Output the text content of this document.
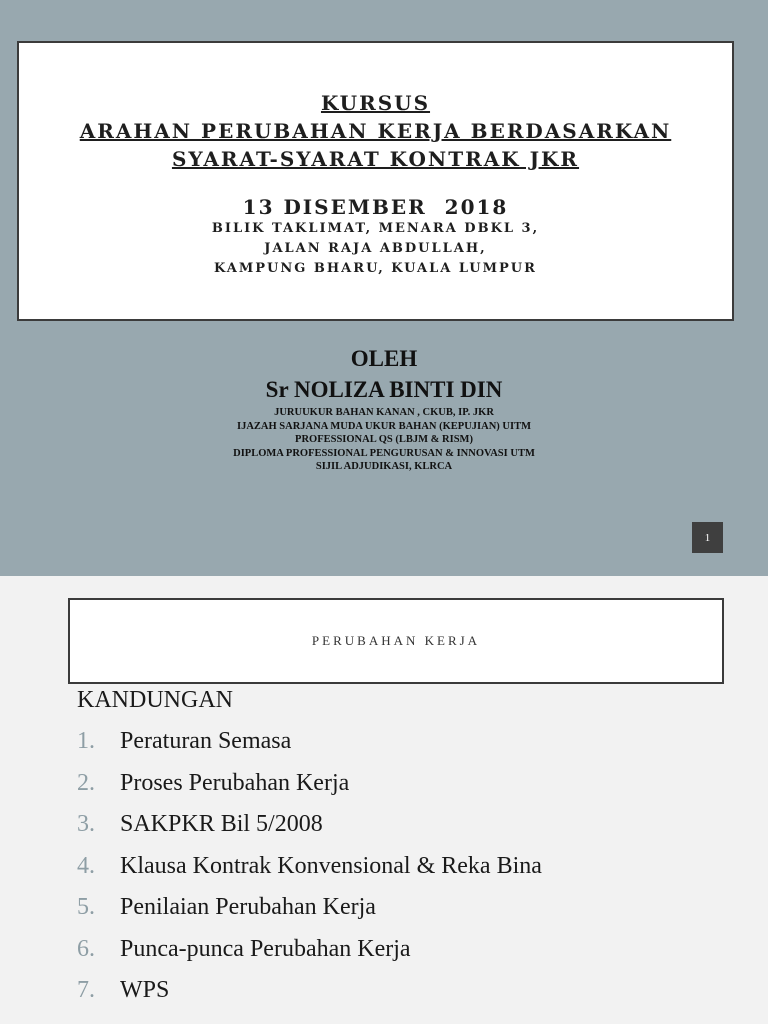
KURSUS
ARAHAN PERUBAHAN KERJA BERDASARKAN
SYARAT-SYARAT KONTRAK JKR
13 DISEMBER  2018
BILIK TAKLIMAT, MENARA DBKL 3,
JALAN RAJA ABDULLAH,
KAMPUNG BHARU, KUALA LUMPUR
OLEH
Sr NOLIZA BINTI DIN
JURUUKUR BAHAN KANAN , CKUB, IP. JKR
IJAZAH SARJANA MUDA UKUR BAHAN (KEPUJIAN) UITM
PROFESSIONAL QS (LBJM & RISM)
DIPLOMA PROFESSIONAL PENGURUSAN & INNOVASI UTM
SIJIL ADJUDIKASI, KLRCA
1
PERUBAHAN KERJA
KANDUNGAN
1.	Peraturan Semasa
2.	Proses Perubahan Kerja
3.	SAKPKR Bil 5/2008
4.	Klausa Kontrak Konvensional & Reka Bina
5.	Penilaian Perubahan Kerja
6.	Punca-punca Perubahan Kerja
7.	WPS
